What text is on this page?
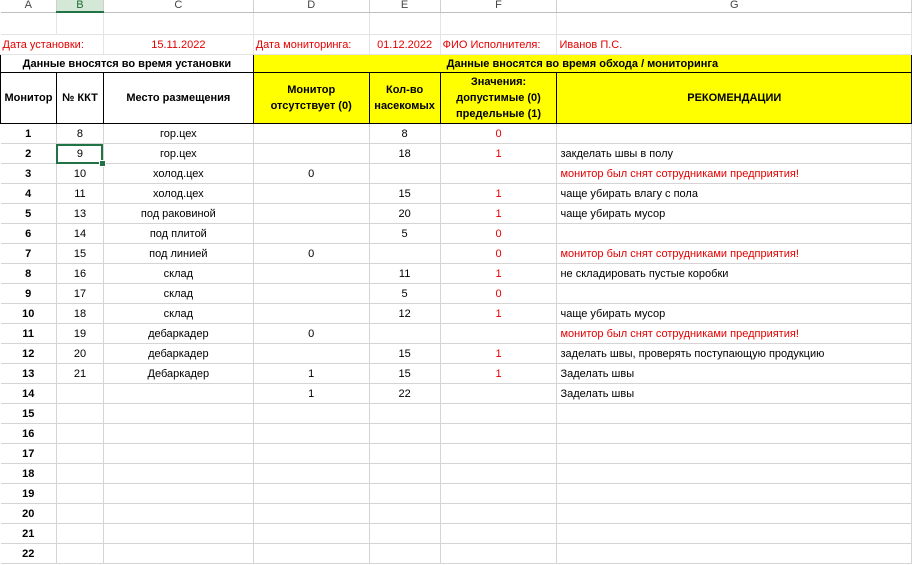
A	B	C	D	E	F	G

Дата установки:		15.11.2022	Дата мониторинга:	01.12.2022	ФИО Исполнителя:	Иванов П.С.
Данные вносятся во время установки			Данные вносятся во время обхода / мониторинга			
Монитор	№ ККТ	Место размещения	Монитор отсутствует (0)	Кол-во насекомых	Значения: допустимые (0) предельные (1)	РЕКОМЕНДАЦИИ
1	8	гор.цех		8	0	
2	9	гор.цех		18	1	закделать швы в полу
3	10	холод.цех	0			монитор был снят сотрудниками предприятия!
4	11	холод.цех		15	1	чаще убирать влагу с пола
5	13	под раковиной		20	1	чаще убирать мусор
6	14	под плитой		5	0	
7	15	под линией	0		0	монитор был снят сотрудниками предприятия!
8	16	склад		11	1	не складировать пустые коробки
9	17	склад		5	0	
10	18	склад		12	1	чаще убирать мусор
11	19	дебаркадер	0			монитор был снят сотрудниками предприятия!
12	20	дебаркадер		15	1	заделать швы, проверять поступающую продукцию
13	21	Дебаркадер	1	15	1	Заделать швы
14			1	22		Заделать швы
15						
16						
17						
18						
19						
20						
21						
22						
